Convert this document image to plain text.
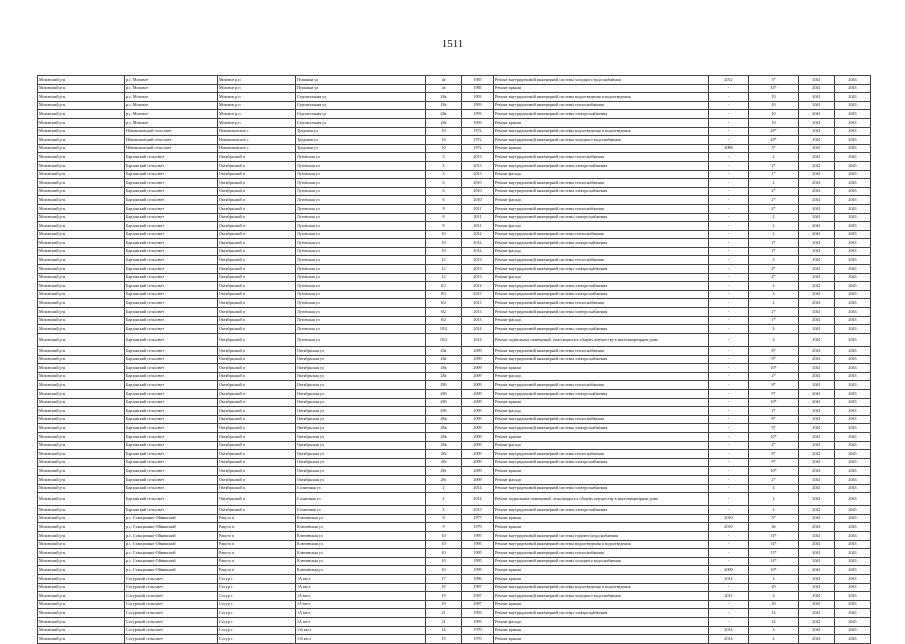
1511
Моховский р-н	р.с. Моховое	Моховое р.п	Пушкина ул	4а	1985	Ремонт внутридомовой инженерной системы холодного водоснабжения	2012	3*	2041	2043
Моховский р-н	р.с. Моховое	Моховое р.п	Пушкина ул	4а	1985	Ремонт крыши	-	33*	2041	2043
Моховский р-н	р.с. Моховое	Моховое р.п	Строительная ул	28а	1993	Ремонт внутридомовой инженерной системы водоотведения и водоотведения	-	10	2041	2043
Моховский р-н	р.с. Моховое	Моховое р.п	Строительная ул	28а	1993	Ремонт внутридомовой инженерной системы теплоснабжения	-	10	2041	2043
Моховский р-н	р.с. Моховое	Моховое р.п	Строительная ул	28а	1993	Ремонт внутридомовой инженерной системы электроснабжения	-	10	2041	2043
Моховский р-н	р.с. Моховое	Моховое р.п	Строительная ул	28а	1993	Ремонт крыши	-	10	2041	2043
Моховский р-н	Новомоховский сельсовет	Новомоховское с	Трудовая ул	10	1972	Ремонт внутридомовой инженерной системы водоотведения и водоотведения	-	28*	2041	2043
Моховский р-н	Новомоховский сельсовет	Новомоховское с	Трудовая ул	10	1972	Ремонт внутридомовой инженерной системы холодного водоснабжения	-	28*	2041	2043
Моховский р-н	Новомоховский сельсовет	Новомоховское с	Трудовая ул	10	1972	Ремонт крыши	2008	5*	2041	2043
Моховский р-н	Барзанский сельсовет	Октябрьский п	Луговская ул	4	2013	Ремонт внутридомовой инженерной системы теплоснабжения	-	2	2041	2043
Моховский р-н	Барзанский сельсовет	Октябрьский п	Луговская ул	4	2013	Ремонт внутридомовой инженерной системы электроснабжения	-	2*	2041	2043
Моховский р-н	Барзанский сельсовет	Октябрьский п	Луговская ул	4	2013	Ремонт фасада	-	1*	2041	2043
Моховский р-н	Барзанский сельсовет	Октябрьский п	Луговская ул	6	2010	Ремонт внутридомовой инженерной системы теплоснабжения	-	2	2041	2043
Моховский р-н	Барзанский сельсовет	Октябрьский п	Луговская ул	6	2010	Ремонт внутридомовой инженерной системы электроснабжения	-	2*	2041	2043
Моховский р-н	Барзанский сельсовет	Октябрьский п	Луговская ул	6	2010	Ремонт фасада	-	2*	2041	2043
Моховский р-н	Барзанский сельсовет	Октябрьский п	Луговская ул	8	2011	Ремонт внутридомовой инженерной системы теплоснабжения	-	2*	2041	2043
Моховский р-н	Барзанский сельсовет	Октябрьский п	Луговская ул	8	2011	Ремонт внутридомовой инженерной системы электроснабжения	-	2	2041	2043
Моховский р-н	Барзанский сельсовет	Октябрьский п	Луговская ул	8	2011	Ремонт фасада	-	2	2041	2043
Моховский р-н	Барзанский сельсовет	Октябрьский п	Луговская ул	10	2012	Ремонт внутридомовой инженерной системы теплоснабжения	-	2	2041	2043
Моховский р-н	Барзанский сельсовет	Октябрьский п	Луговская ул	10	2012	Ремонт внутридомовой инженерной системы электроснабжения	-	2*	2041	2043
Моховский р-н	Барзанский сельсовет	Октябрьский п	Луговская ул	10	2012	Ремонт фасада	-	2*	2041	2043
Моховский р-н	Барзанский сельсовет	Октябрьский п	Луговская ул	12	2013	Ремонт внутридомовой инженерной системы теплоснабжения	-	2	2041	2043
Моховский р-н	Барзанский сельсовет	Октябрьский п	Луговская ул	12	2013	Ремонт внутридомовой инженерной системы электроснабжения	-	2*	2041	2043
Моховский р-н	Барзанский сельсовет	Октябрьский п	Луговская ул	12	2013	Ремонт фасада	-	2*	2041	2043
Моховский р-н	Барзанский сельсовет	Октябрьский п	Луговская ул	6/1	2014	Ремонт внутридомовой инженерной системы электроснабжения	-	4	2041	2043
Моховский р-н	Барзанский сельсовет	Октябрьский п	Луговская ул	8/1	2015	Ремонт внутридомовой инженерной системы электроснабжения	-	4	2041	2043
Моховский р-н	Барзанский сельсовет	Октябрьский п	Луговская ул	6/2	2013	Ремонт внутридомовой инженерной системы теплоснабжения	-	2	2041	2043
Моховский р-н	Барзанский сельсовет	Октябрьский п	Луговская ул	6/2	2013	Ремонт внутридомовой инженерной системы электроснабжения	-	2*	2041	2043
Моховский р-н	Барзанский сельсовет	Октябрьский п	Луговская ул	6/2	2013	Ремонт фасада	-	1*	2041	2043
Моховский р-н	Барзанский сельсовет	Октябрьский п	Луговская ул	10/2	2014	Ремонт внутридомовой инженерной системы электроснабжения	-	4	2041	2043
Моховский р-н	Барзанский сельсовет	Октябрьский п	Луговская ул	10/2	2014	Ремонт подвальных помещений, относящихся к общему имуществу в многоквартирном доме	-	4	2041	2043
Моховский р-н	Барзанский сельсовет	Октябрьский п	Октябрьская ул	28а	2009	Ремонт внутридомовой инженерной системы теплоснабжения	-	8*	2041	2043
Моховский р-н	Барзанский сельсовет	Октябрьский п	Октябрьская ул	28а	2009	Ремонт внутридомовой инженерной системы электроснабжения	-	9*	2041	2043
Моховский р-н	Барзанский сельсовет	Октябрьский п	Октябрьская ул	28а	2009	Ремонт крыши	-	10*	2041	2043
Моховский р-н	Барзанский сельсовет	Октябрьский п	Октябрьская ул	28а	2009	Ремонт фасада	-	2*	2041	2043
Моховский р-н	Барзанский сельсовет	Октябрьский п	Октябрьская ул	28б	2009	Ремонт внутридомовой инженерной системы теплоснабжения	-	8*	2041	2043
Моховский р-н	Барзанский сельсовет	Октябрьский п	Октябрьская ул	28б	2009	Ремонт внутридомовой инженерной системы электроснабжения	-	9*	2041	2043
Моховский р-н	Барзанский сельсовет	Октябрьский п	Октябрьская ул	28б	2009	Ремонт крыши	-	10*	2041	2043
Моховский р-н	Барзанский сельсовет	Октябрьский п	Октябрьская ул	28б	2009	Ремонт фасада	-	2*	2041	2043
Моховский р-н	Барзанский сельсовет	Октябрьский п	Октябрьская ул	28в	2009	Ремонт внутридомовой инженерной системы теплоснабжения	-	8*	2041	2043
Моховский р-н	Барзанский сельсовет	Октябрьский п	Октябрьская ул	28в	2009	Ремонт внутридомовой инженерной системы электроснабжения	-	9*	2041	2043
Моховский р-н	Барзанский сельсовет	Октябрьский п	Октябрьская ул	28в	2009	Ремонт крыши	-	10*	2041	2043
Моховский р-н	Барзанский сельсовет	Октябрьский п	Октябрьская ул	28в	2009	Ремонт фасада	-	2*	2041	2043
Моховский р-н	Барзанский сельсовет	Октябрьский п	Октябрьская ул	28г	2009	Ремонт внутридомовой инженерной системы теплоснабжения	-	8*	2041	2043
Моховский р-н	Барзанский сельсовет	Октябрьский п	Октябрьская ул	28г	2009	Ремонт внутридомовой инженерной системы электроснабжения	-	9*	2041	2043
Моховский р-н	Барзанский сельсовет	Октябрьский п	Октябрьская ул	28г	2009	Ремонт крыши	-	10*	2041	2043
Моховский р-н	Барзанский сельсовет	Октябрьский п	Октябрьская ул	28г	2009	Ремонт фасада	-	2*	2041	2043
Моховский р-н	Барзанский сельсовет	Октябрьский п	Солнечная ул	2	2014	Ремонт внутридомовой инженерной системы электроснабжения	-	4	2041	2043
Моховский р-н	Барзанский сельсовет	Октябрьский п	Солнечная ул	2	2014	Ремонт подвальных помещений, относящихся к общему имуществу в многоквартирном доме	-	4	2041	2043
Моховский р-н	Барзанский сельсовет	Октябрьский п	Солнечная ул	4	2015	Ремонт внутридомовой инженерной системы электроснабжения	-	4	2041	2043
Моховский р-н	р.с. Станционно-Ойнинский	Ракута п	Ключевская ул	8	1977	Ремонт крыши	2010	5*	2041	2043
Моховский р-н	р.с. Станционно-Ойнинский	Ракута п	Ключевская ул	9	1979	Ремонт крыши	2010	46	2041	2043
Моховский р-н	р.с. Станционно-Ойнинский	Ракута п	Ключевская ул	10	1995	Ремонт внутридомовой инженерной системы горячего водоснабжения	-	14*	2041	2043
Моховский р-н	р.с. Станционно-Ойнинский	Ракута п	Ключевская ул	10	1995	Ремонт внутридомовой инженерной системы водоотведения и водоотведения	-	14*	2041	2043
Моховский р-н	р.с. Станционно-Ойнинский	Ракута п	Ключевская ул	10	1995	Ремонт внутридомовой инженерной системы теплоснабжения	-	15*	2041	2043
Моховский р-н	р.с. Станционно-Ойнинский	Ракута п	Ключевская ул	10	1995	Ремонт внутридомовой инженерной системы холодного водоснабжения	-	14*	2041	2043
Моховский р-н	р.с. Станционно-Ойнинский	Ракута п	Ключевская ул	10	1995	Ремонт крыши	2009	10*	2041	2043
Моховский р-н	Сосурский сельсовет	Сосур с	1А кв-л	17	1986	Ремонт крыши	2014	4	2041	2043
Моховский р-н	Сосурский сельсовет	Сосур с	1А кв-л	19	1987	Ремонт внутридомовой инженерной системы водоотведения и водоотведения	-	29	2041	2043
Моховский р-н	Сосурский сельсовет	Сосур с	1А кв-л	19	1987	Ремонт внутридомовой инженерной системы холодного водоснабжения	2011	4	2041	2043
Моховский р-н	Сосурский сельсовет	Сосур с	1А кв-л	19	1987	Ремонт крыши	-	29	2041	2043
Моховский р-н	Сосурский сельсовет	Сосур с	1А кв-л	21	1993	Ремонт внутридомовой инженерной системы электроснабжения	-	12	2041	2043
Моховский р-н	Сосурский сельсовет	Сосур с	1А кв-л	21	1993	Ремонт фасада	-	12	2041	2043
Моховский р-н	Сосурский сельсовет	Сосур с	1-й кв-л	14	1970	Ремонт крыши	2014	4	2041	2043
Моховский р-н	Сосурский сельсовет	Сосур с	1-й кв-л	15	1970	Ремонт крыши	2014	4	2041	2043
